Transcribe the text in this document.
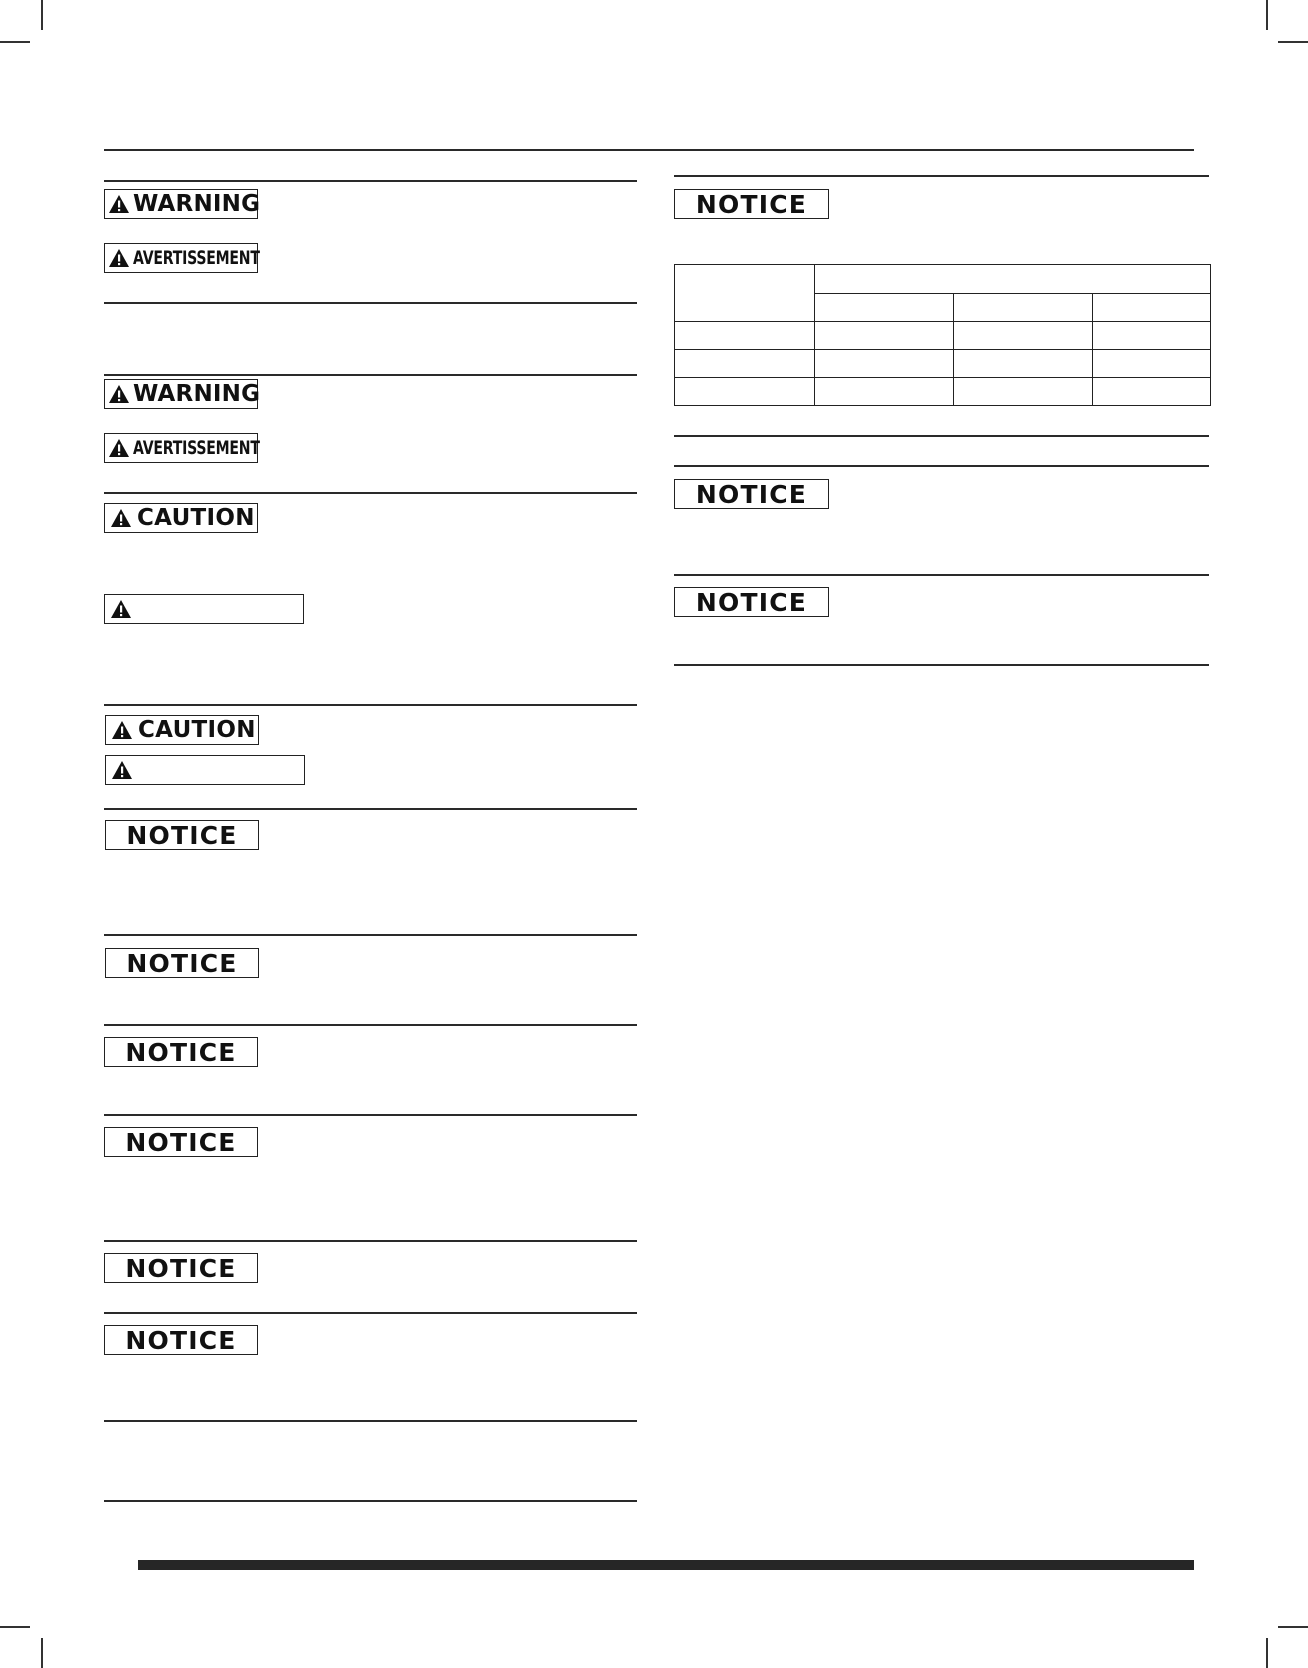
WARNING
AVERTISSEMENT
WARNING
AVERTISSEMENT
CAUTION
CAUTION
NOTICE
NOTICE
NOTICE
NOTICE
NOTICE
NOTICE
NOTICE

NOTICE
NOTICE
